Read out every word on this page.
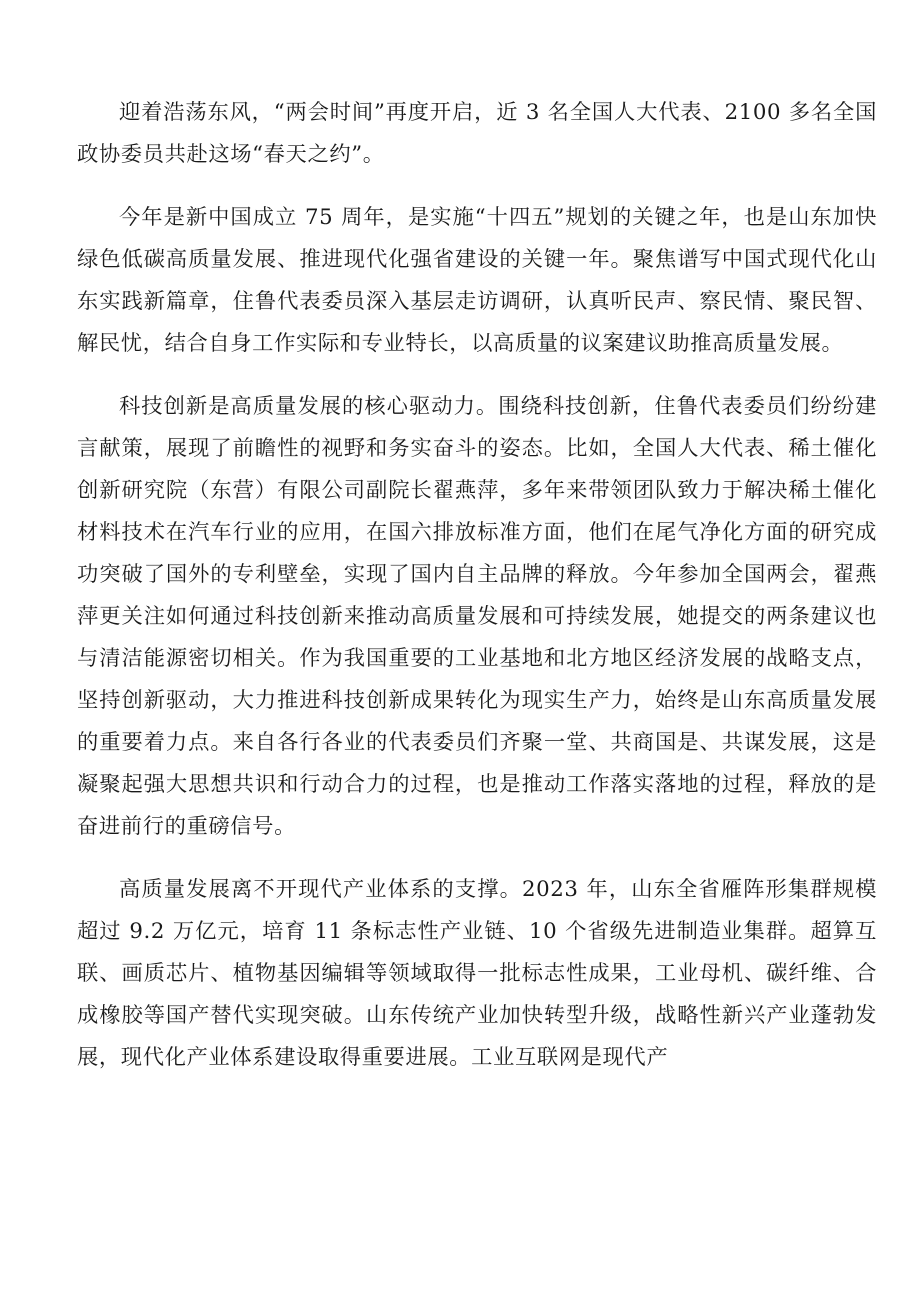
迎着浩荡东风，“两会时间”再度开启，近 3 名全国人大代表、2100 多名全国政协委员共赴这场“春天之约”。

今年是新中国成立 75 周年，是实施“十四五”规划的关键之年，也是山东加快绿色低碳高质量发展、推进现代化强省建设的关键一年。聚焦谱写中国式现代化山东实践新篇章，住鲁代表委员深入基层走访调研，认真听民声、察民情、聚民智、解民忧，结合自身工作实际和专业特长，以高质量的议案建议助推高质量发展。

科技创新是高质量发展的核心驱动力。围绕科技创新，住鲁代表委员们纷纷建言献策，展现了前瞻性的视野和务实奋斗的姿态。比如，全国人大代表、稀土催化创新研究院（东营）有限公司副院长翟燕萍，多年来带领团队致力于解决稀土催化材料技术在汽车行业的应用，在国六排放标准方面，他们在尾气净化方面的研究成功突破了国外的专利壁垒，实现了国内自主品牌的释放。今年参加全国两会，翟燕萍更关注如何通过科技创新来推动高质量发展和可持续发展，她提交的两条建议也与清洁能源密切相关。作为我国重要的工业基地和北方地区经济发展的战略支点，坚持创新驱动，大力推进科技创新成果转化为现实生产力，始终是山东高质量发展的重要着力点。来自各行各业的代表委员们齐聚一堂、共商国是、共谋发展，这是凝聚起强大思想共识和行动合力的过程，也是推动工作落实落地的过程，释放的是奋进前行的重磅信号。

高质量发展离不开现代产业体系的支撑。2023 年，山东全省雁阵形集群规模超过 9.2 万亿元，培育 11 条标志性产业链、10 个省级先进制造业集群。超算互联、画质芯片、植物基因编辑等领域取得一批标志性成果，工业母机、碳纤维、合成橡胶等国产替代实现突破。山东传统产业加快转型升级，战略性新兴产业蓬勃发展，现代化产业体系建设取得重要进展。工业互联网是现代产
